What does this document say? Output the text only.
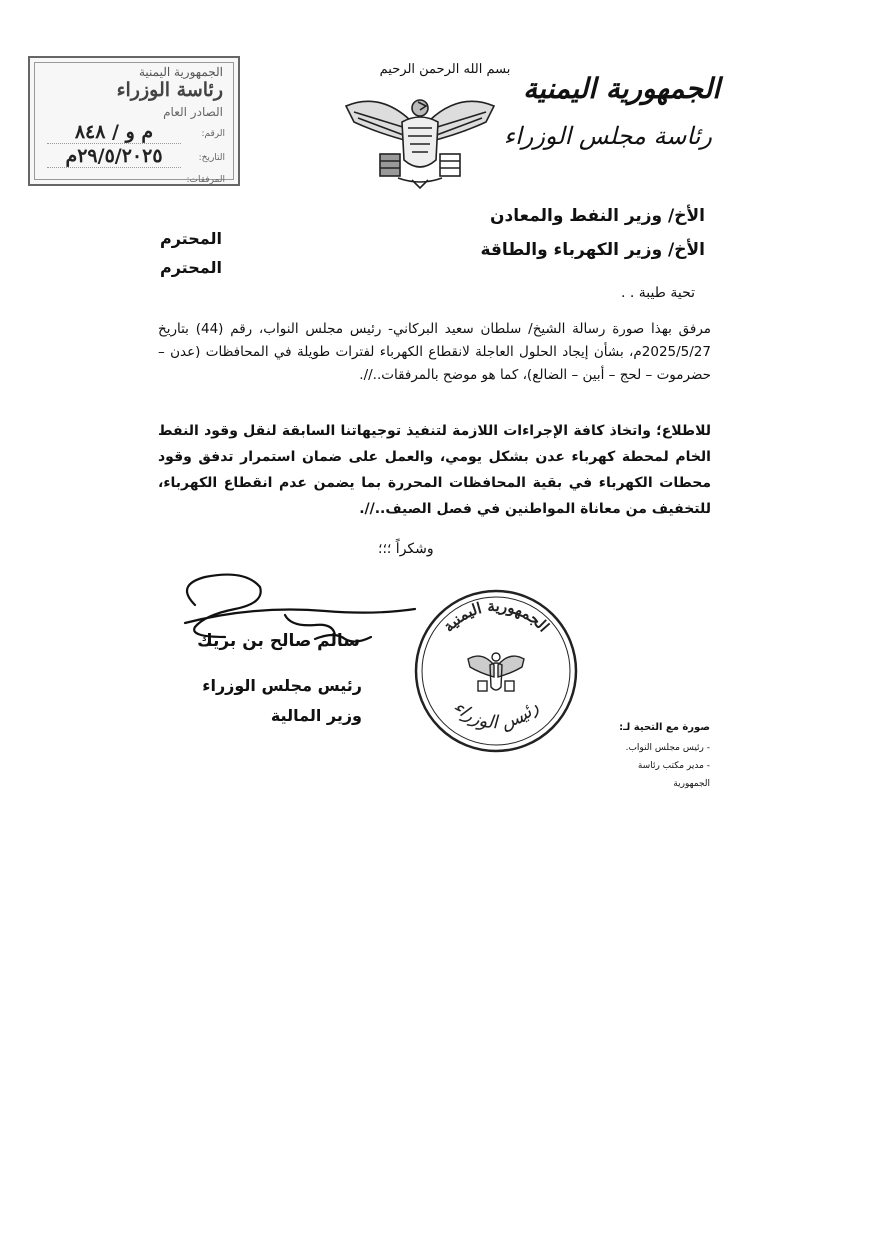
الجمهورية اليمنية
رئاسة الوزراء
الصادر العام
الرقم:
م و / ٨٤٨
التاريخ:
٢٩/٥/٢٠٢٥م
المرفقات:
بسم الله الرحمن الرحيم
الجمهورية اليمنية
رئاسة مجلس الوزراء
الأخ/ وزير النفط والمعادن
المحترم
الأخ/ وزير الكهرباء والطاقة
المحترم
تحية طيبة . .
مرفق بهذا صورة رسالة الشيخ/ سلطان سعيد البركاني- رئيس مجلس النواب، رقم (44) بتاريخ 2025/5/27م، بشأن إيجاد الحلول العاجلة لانقطاع الكهرباء لفترات طويلة في المحافظات (عدن – حضرموت – لحج – أبين – الضالع)، كما هو موضح بالمرفقات..//.
للاطلاع؛ واتخاذ كافة الإجراءات اللازمة لتنفيذ توجيهاتنا السابقة لنقل وقود النفط الخام لمحطة كهرباء عدن بشكل يومي، والعمل على ضمان استمرار تدفق وقود محطات الكهرباء في بقية المحافظات المحررة بما يضمن عدم انقطاع الكهرباء، للتخفيف من معاناة المواطنين في فصل الصيف..//.
وشكراً ؛؛؛
سالم صالح بن بريك
رئيس مجلس الوزراء
وزير المالية
الجمهورية اليمنية
رئيس الوزراء
صورة مع التحية لـ:
- رئيس مجلس النواب.
- مدير مكتب رئاسة الجمهورية
